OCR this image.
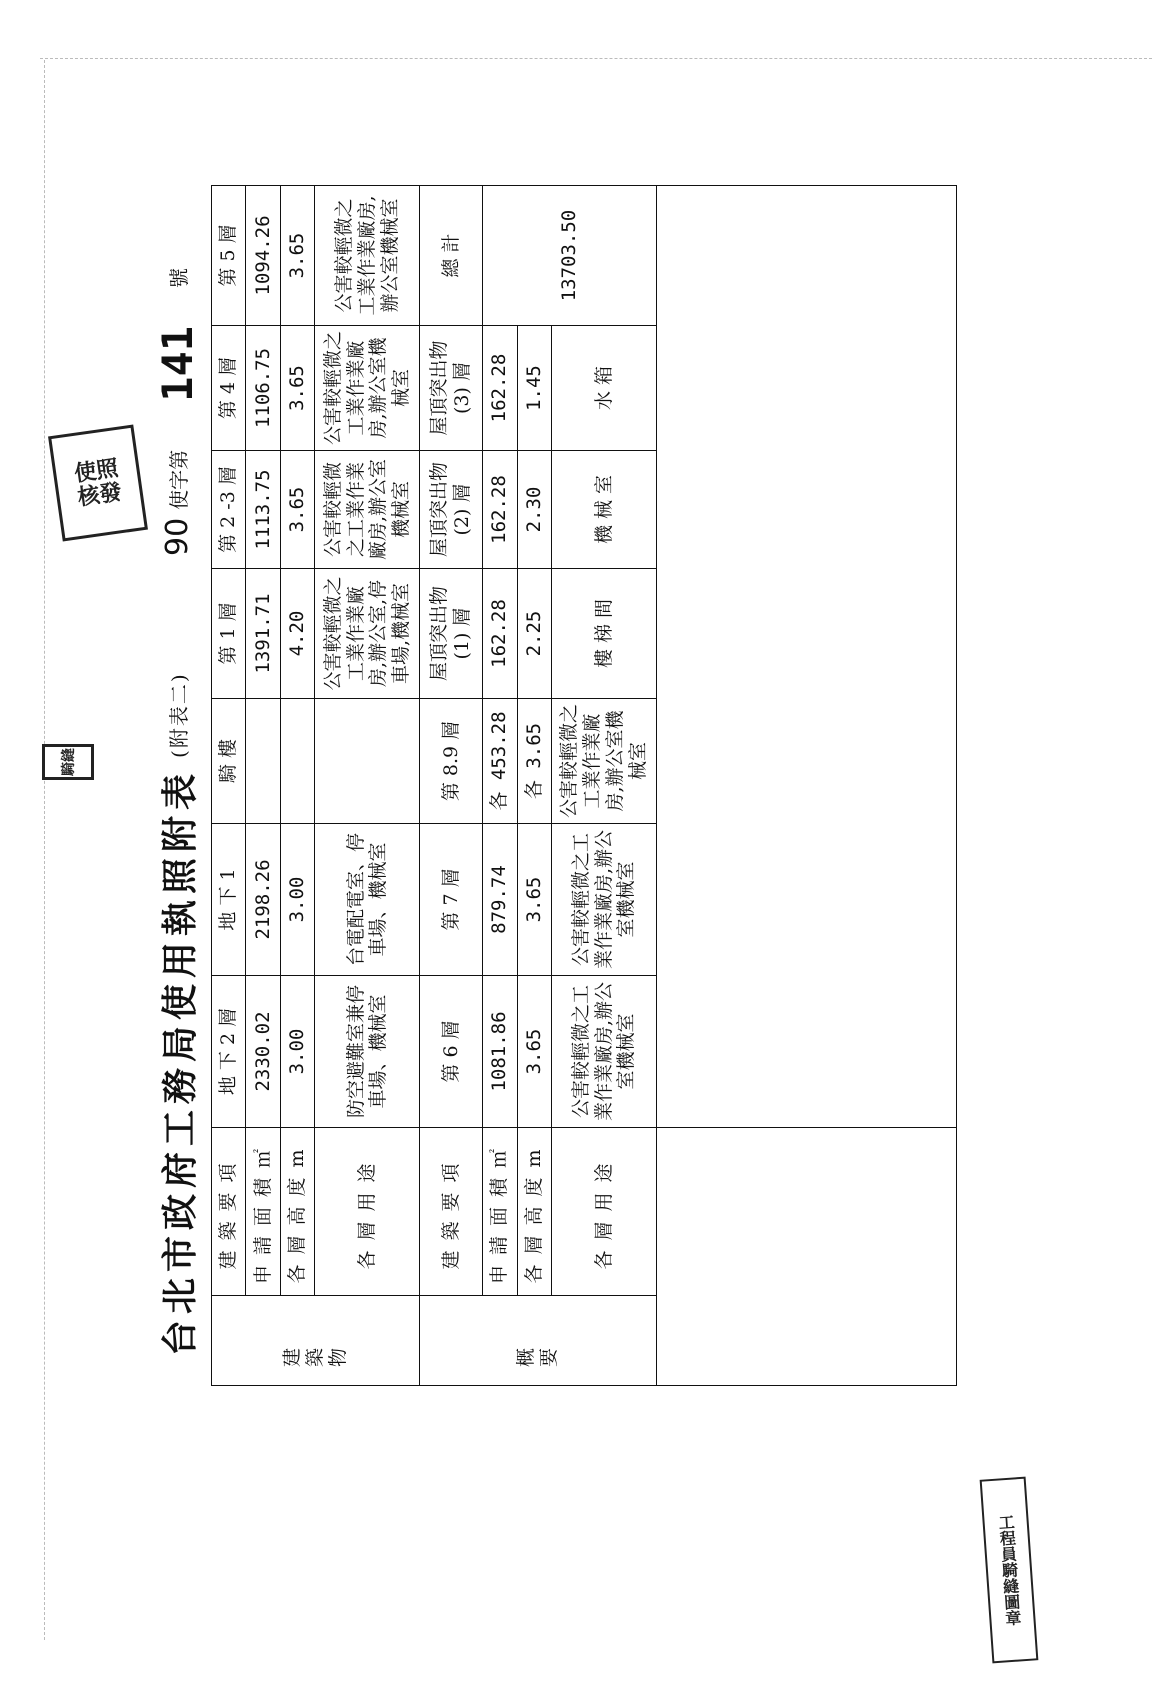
台北市政府工務局使用執照附表
(附表二)
90
使字第
141
號
建築物	建築要項	地 下 2 層	地 下 1	騎 樓	第 1 層	第 2 -3 層	第 4 層	第 5 層
	申請面積㎡	2330.02	2198.26		1391.71	1113.75	1106.75	1094.26
	各層高度m	3.00	3.00		4.20	3.65	3.65	3.65
	各層用途	防空避難室兼停車場、機械室	台電配電室、停車場、機械室		公害較輕微之工業作業廠房,辦公室,停車場,機械室	公害較輕微之工業作業廠房,辦公室機械室	公害較輕微之工業作業廠房,辦公室機械室	公害較輕微之工業作業廠房,辦公室機械室
概要	建築要項	第 6 層	第 7 層	第 8.9 層	屋頂突出物(1) 層	屋頂突出物(2) 層	屋頂突出物(3) 層	總 計
	申請面積㎡	1081.86	879.74	各 453.28	162.28	162.28	162.28	13703.50
	各層高度m	3.65	3.65	各 3.65	2.25	2.30	1.45	
	各層用途	公害較輕微之工業作業廠房,辦公室機械室	公害較輕微之工業作業廠房,辦公室機械室	公害較輕微之工業作業廠房,辦公室機械室	樓 梯 間	機 械 室	水 箱	

使照
核發
騎縫
工程員騎縫圖章
